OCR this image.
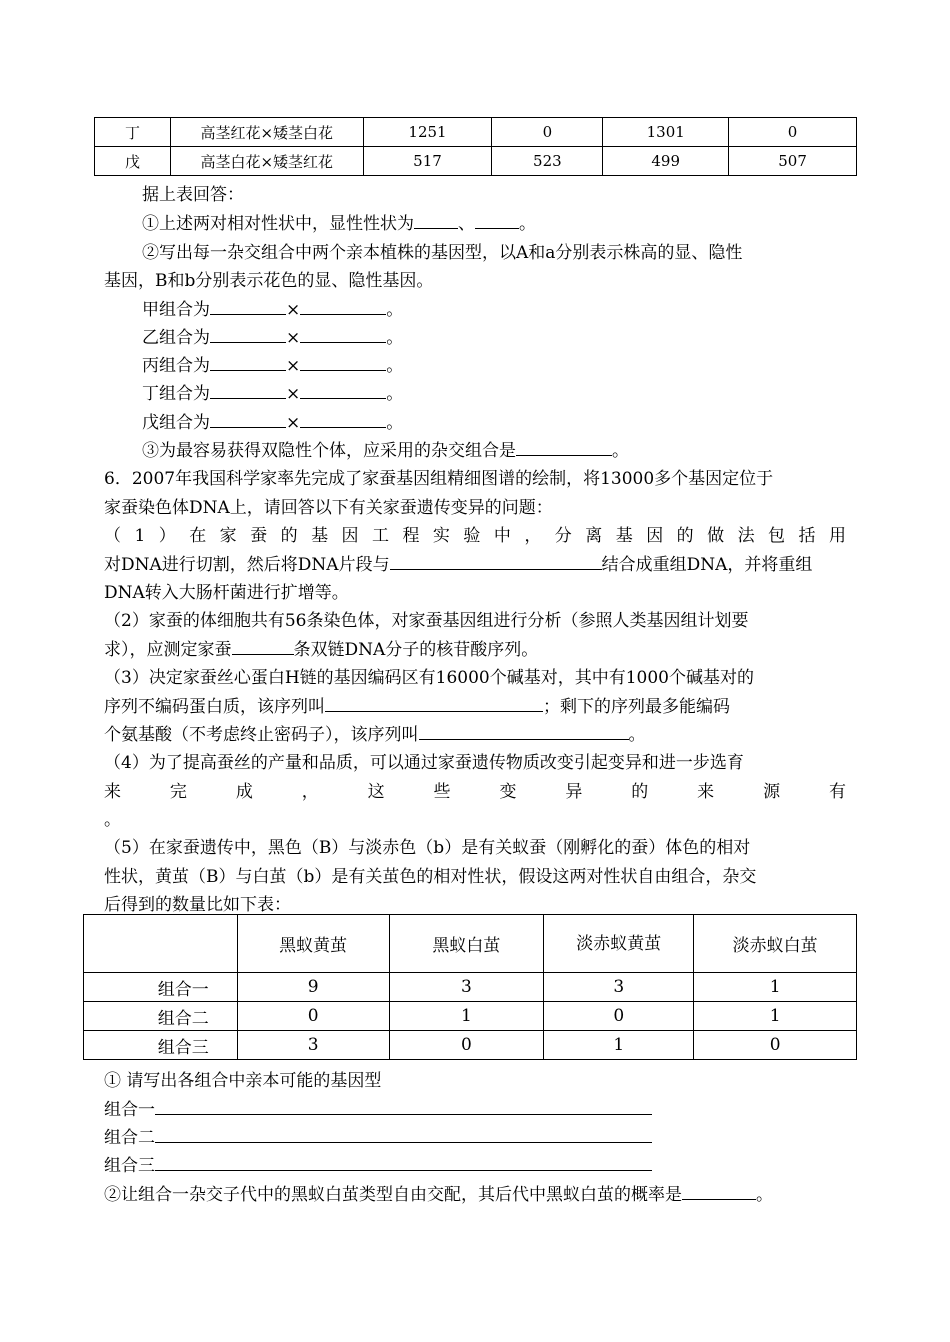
丁	高茎红花×矮茎白花	1251	0	1301	0
戊	高茎白花×矮茎红花	517	523	499	507
据上表回答：
①上述两对相对性状中，显性性状为	、	。
②写出每一杂交组合中两个亲本植株的基因型，以A和a分别表示株高的显、隐性
基因，B和b分别表示花色的显、隐性基因。
甲组合为	×	。
乙组合为	×	。
丙组合为	×	。
丁组合为	×	。
戊组合为	×	。
③为最容易获得双隐性个体，应采用的杂交组合是	。
6．2007年我国科学家率先完成了家蚕基因组精细图谱的绘制，将13000多个基因定位于
家蚕染色体DNA上，请回答以下有关家蚕遗传变异的问题：
（1）在家蚕的基因工程实验中，分离基因的做法包括用
对DNA进行切割，然后将DNA片段与	结合成重组DNA，并将重组
DNA转入大肠杆菌进行扩增等。
（2）家蚕的体细胞共有56条染色体，对家蚕基因组进行分析（参照人类基因组计划要
求），应测定家蚕	条双链DNA分子的核苷酸序列。
（3）决定家蚕丝心蛋白H链的基因编码区有16000个碱基对，其中有1000个碱基对的
序列不编码蛋白质，该序列叫	；剩下的序列最多能编码
个氨基酸（不考虑终止密码子），该序列叫	。
（4）为了提高蚕丝的产量和品质，可以通过家蚕遗传物质改变引起变异和进一步选育
来完成，这些变异的来源有
。
（5）在家蚕遗传中，黑色（B）与淡赤色（b）是有关蚁蚕（刚孵化的蚕）体色的相对
性状，黄茧（B）与白茧（b）是有关茧色的相对性状，假设这两对性状自由组合，杂交
后得到的数量比如下表：
	黑蚁黄茧	黑蚁白茧	淡赤蚁黄茧	淡赤蚁白茧
组合一	9	3	3	1
组合二	0	1	0	1
组合三	3	0	1	0
① 请写出各组合中亲本可能的基因型
组合一
组合二
组合三
②让组合一杂交子代中的黑蚁白茧类型自由交配，其后代中黑蚁白茧的概率是	。
